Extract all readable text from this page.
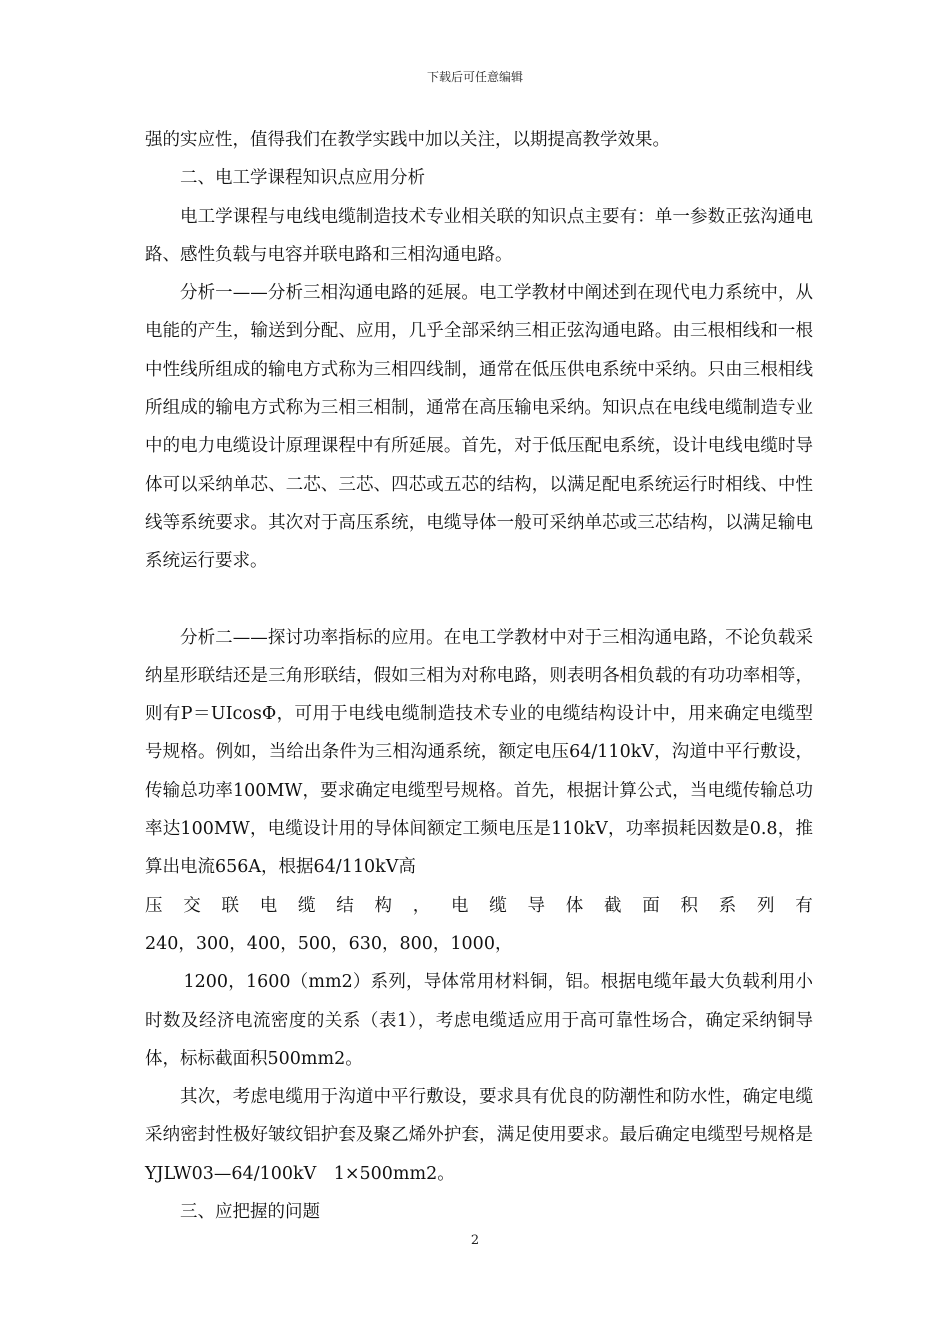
下载后可任意编辑

强的实应性，值得我们在教学实践中加以关注，以期提高教学效果。

二、电工学课程知识点应用分析

电工学课程与电线电缆制造技术专业相关联的知识点主要有：单一参数正弦沟通电路、感性负载与电容并联电路和三相沟通电路。

分析一——分析三相沟通电路的延展。电工学教材中阐述到在现代电力系统中，从电能的产生，输送到分配、应用，几乎全部采纳三相正弦沟通电路。由三根相线和一根中性线所组成的输电方式称为三相四线制，通常在低压供电系统中采纳。只由三根相线所组成的输电方式称为三相三相制，通常在高压输电采纳。知识点在电线电缆制造专业中的电力电缆设计原理课程中有所延展。首先，对于低压配电系统，设计电线电缆时导体可以采纳单芯、二芯、三芯、四芯或五芯的结构，以满足配电系统运行时相线、中性线等系统要求。其次对于高压系统，电缆导体一般可采纳单芯或三芯结构，以满足输电系统运行要求。

分析二——探讨功率指标的应用。在电工学教材中对于三相沟通电路，不论负载采纳星形联结还是三角形联结，假如三相为对称电路，则表明各相负载的有功功率相等，则有P＝UIcosΦ，可用于电线电缆制造技术专业的电缆结构设计中，用来确定电缆型号规格。例如，当给出条件为三相沟通系统，额定电压64/110kV，沟道中平行敷设，传输总功率100MW，要求确定电缆型号规格。首先，根据计算公式，当电缆传输总功率达100MW，电缆设计用的导体间额定工频电压是110kV，功率损耗因数是0.8，推算出电流656A，根据64/110kV高

压 交 联 电 缆 结 构 ， 电 缆 导 体 截 面 积 系 列 有
240，300，400，500，630，800，1000，

1200，1600（mm2）系列，导体常用材料铜，铝。根据电缆年最大负载利用小时数及经济电流密度的关系（表1），考虑电缆适应用于高可靠性场合，确定采纳铜导体，标标截面积500mm2。

其次，考虑电缆用于沟道中平行敷设，要求具有优良的防潮性和防水性，确定电缆采纳密封性极好皱纹铝护套及聚乙烯外护套，满足使用要求。最后确定电缆型号规格是YJLW03—64/100kV　1×500mm2。

三、应把握的问题

2
